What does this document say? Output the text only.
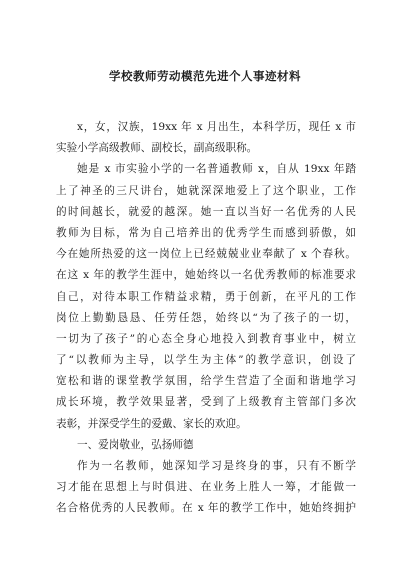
学校教师劳动模范先进个人事迹材料
x，女，汉族，19xx 年 x 月出生，本科学历，现任 x 市
实验小学高级教师、副校长，副高级职称。
她是 x 市实验小学的一名普通教师 x，自从 19xx 年踏
上了神圣的三尺讲台，她就深深地爱上了这个职业，工作
的时间越长，就爱的越深。她一直以当好一名优秀的人民
教师为目标，常为自己培养出的优秀学生而感到骄傲，如
今在她所热爱的这一岗位上已经兢兢业业奉献了 x 个春秋。
在这 x 年的教学生涯中，她始终以一名优秀教师的标准要求
自己，对待本职工作精益求精，勇于创新，在平凡的工作
岗位上勤勤恳恳、任劳任怨，始终以“为了孩子的一切，
一切为了孩子”的心态全身心地投入到教育事业中，树立
了“以教师为主导，以学生为主体”的教学意识，创设了
宽松和谐的课堂教学氛围，给学生营造了全面和谐地学习
成长环境，教学效果显著，受到了上级教育主管部门多次
表彰，并深受学生的爱戴、家长的欢迎。
一、爱岗敬业，弘扬师德
作为一名教师，她深知学习是终身的事，只有不断学
习才能在思想上与时俱进、在业务上胜人一筹，才能做一
名合格优秀的人民教师。在 x 年的教学工作中，她始终拥护
